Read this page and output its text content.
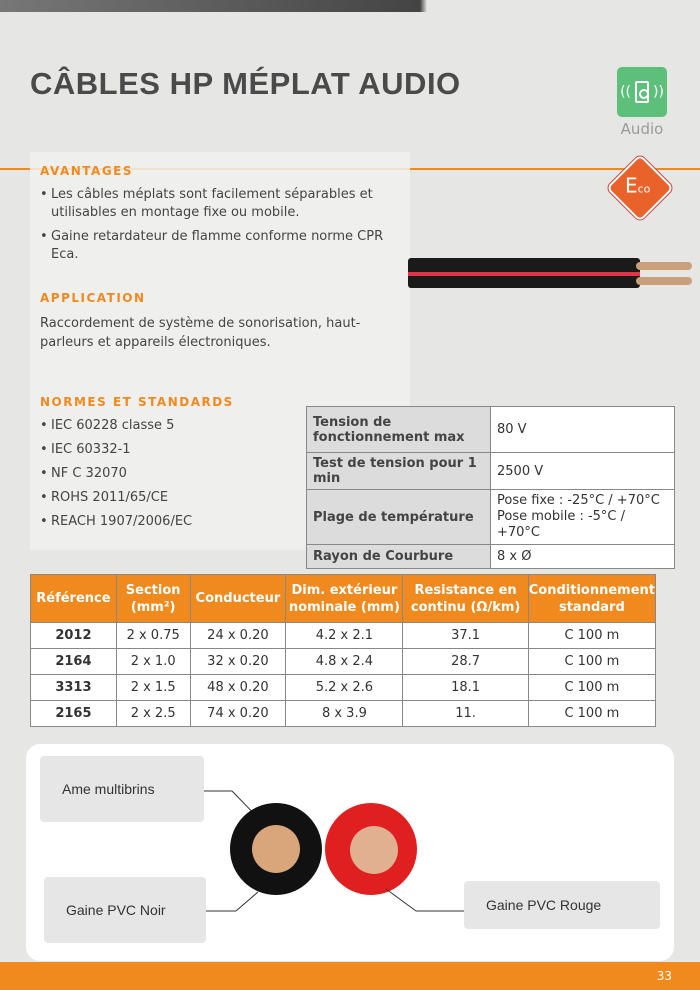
CÂBLES HP MÉPLAT AUDIO	(( ))
Audio
Eco
AVANTAGES
• Les câbles méplats sont facilement séparables et utilisables en montage fixe ou mobile.
• Gaine retardateur de flamme conforme norme CPR Eca.
APPLICATION
Raccordement de système de sonorisation, haut-parleurs et appareils électroniques.
NORMES ET STANDARDS
• IEC 60228 classe 5
• IEC 60332-1
• NF C 32070
• ROHS 2011/65/CE
• REACH 1907/2006/EC
Tension de fonctionnement max	80 V
Test de tension pour 1 min	2500 V
Plage de température	Pose fixe : -25°C / +70°C
Pose mobile : -5°C / +70°C

Rayon de Courbure	8 x Ø
Référence	Section (mm²)	Conducteur	Dim. extérieur nominale (mm)	Resistance en continu (Ω/km)	Conditionnement standard
2012	2 x 0.75	24 x 0.20	4.2 x 2.1	37.1	C 100 m
2164	2 x 1.0	32 x 0.20	4.8 x 2.4	28.7	C 100 m
3313	2 x 1.5	48 x 0.20	5.2 x 2.6	18.1	C 100 m
2165	2 x 2.5	74 x 0.20	8 x 3.9	11.	C 100 m
Ame multibrins
Gaine PVC Noir	Gaine PVC Rouge
33
